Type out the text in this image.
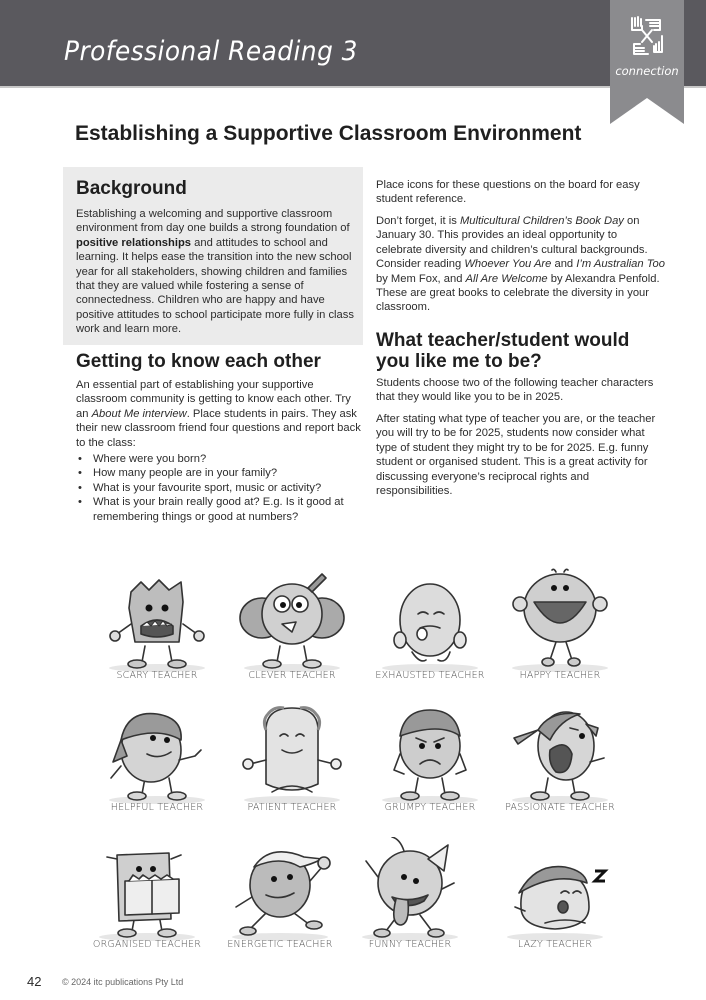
Professional Reading 3
connection
Establishing a Supportive Classroom Environment
Background

Establishing a welcoming and supportive classroom environment from day one builds a strong foundation of positive relationships and attitudes to school and learning. It helps ease the transition into the new school year for all stakeholders, showing children and families that they are valued while fostering a sense of connectedness. Children who are happy and have positive attitudes to school participate more fully in class work and learn more.

Getting to know each other

An essential part of establishing your supportive classroom community is getting to know each other. Try an About Me interview. Place students in pairs. They ask their new classroom friend four questions and report back to the class:

• Where were you born?
• How many people are in your family?
• What is your favourite sport, music or activity?
• What is your brain really good at? E.g. Is it good at remembering things or good at numbers?

Place icons for these questions on the board for easy student reference.

Don’t forget, it is Multicultural Children’s Book Day on January 30. This provides an ideal opportunity to celebrate diversity and children’s cultural backgrounds. Consider reading Whoever You Are and I’m Australian Too by Mem Fox, and All Are Welcome by Alexandra Penfold. These are great books to celebrate the diversity in your classroom.

What teacher/student would you like me to be?

Students choose two of the following teacher characters that they would like you to be in 2025.

After stating what type of teacher you are, or the teacher you will try to be for 2025, students now consider what type of student they might try to be for 2025. E.g. funny student or organised student. This is a great activity for discussing everyone’s reciprocal rights and responsibilities.

SCARY TEACHER	CLEVER TEACHER	EXHAUSTED TEACHER	HAPPY TEACHER
HELPFUL TEACHER	PATIENT TEACHER	GRUMPY TEACHER	PASSIONATE TEACHER
ORGANISED TEACHER	ENERGETIC TEACHER	FUNNY TEACHER	LAZY TEACHER
42 © 2024 itc publications Pty Ltd
